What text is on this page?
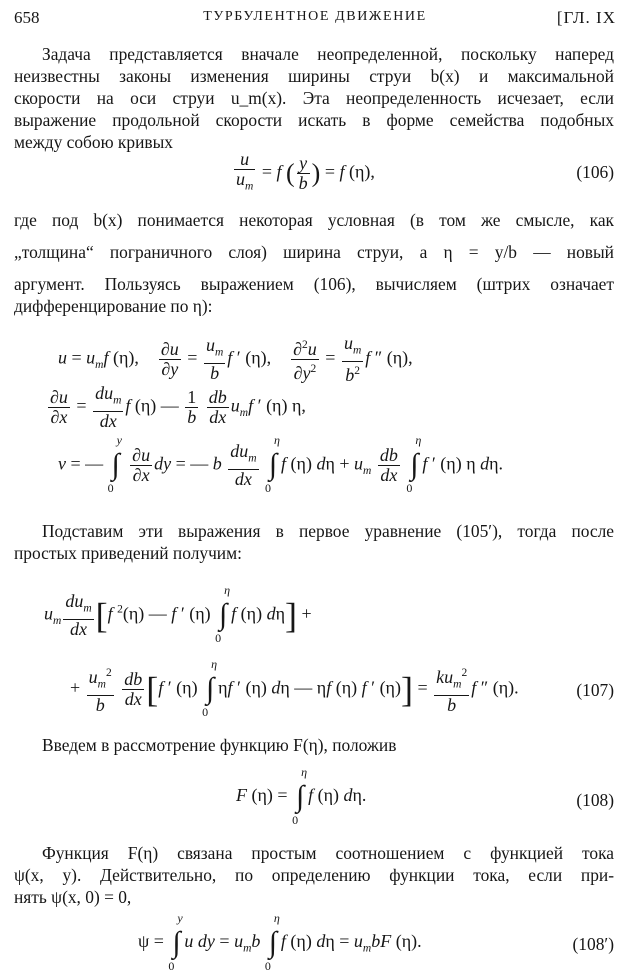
658	ТУРБУЛЕНТНОЕ ДВИЖЕНИЕ	[ГЛ. IX
Задача представляется вначале неопределенной, поскольку наперед
неизвестны законы изменения ширины струи b(x) и максимальной
скорости на оси струи u_m(x). Эта неопределенность исчезает, если
выражение продольной скорости искать в форме семейства подобных
между собою кривых
$\frac{u}{u_m} = f$ ( $\frac{y}{b}$ ) = f (η),	(106)
где под b(x) понимается некоторая условная (в том же смысле, как
„толщина“ пограничного слоя) ширина струи, а η = y/b — новый
аргумент. Пользуясь выражением (106), вычисляем (штрих означает
дифференцирование по η):
$u = u_mf$ (η), $\frac{\partial u}{\partial y} = \frac{u_m}{b}$ f ′ (η), $\frac{\partial^2u}{\partial y^2} = \frac{u_m}{b^2}$ f ″ (η),
$\frac{\partial u}{\partial x} = \frac{du_m}{dx}$ f (η) — $\frac{1}{b}$
$\frac{db}{dx} u_mf$ ′ (η) η,
v = — ∫
y
0

$\frac{\partial u}{\partial x}$ dy = — b $\frac{du_m}{dx}$ ∫
η
0
f (η) $d\eta + u_m \frac{db}{dx}$ ∫
η
0
f ′ (η) η dη.
Подставим эти выражения в первое уравнение (105′), тогда после
простых приведений получим:
$u_m \frac{du_m}{dx} [f$ $^2$(η) — f ′ (η) ∫
η
0
f (η) dη] +
+ $\frac{u_m^2}{b}$
$\frac{db}{dx} [f$ ′ (η) ∫
η
0
ηf ′ (η) dη — ηf (η) f ′ $(\eta)] = \frac{ku_m^2}{b}$ f ″ (η).	(107)
Введем в рассмотрение функцию F(η), положив
F (η) = ∫
η
0
f (η) dη.	(108)
Функция F(η) связана простым соотношением с функцией тока
ψ(x, y). Действительно, по определению функции тока, если при-
нять ψ(x, 0) = 0,
ψ = ∫
y
0
u dy = $u_mb$ ∫
η
0
f (η) $d\eta = u_mbF$ (η).	(108′)
